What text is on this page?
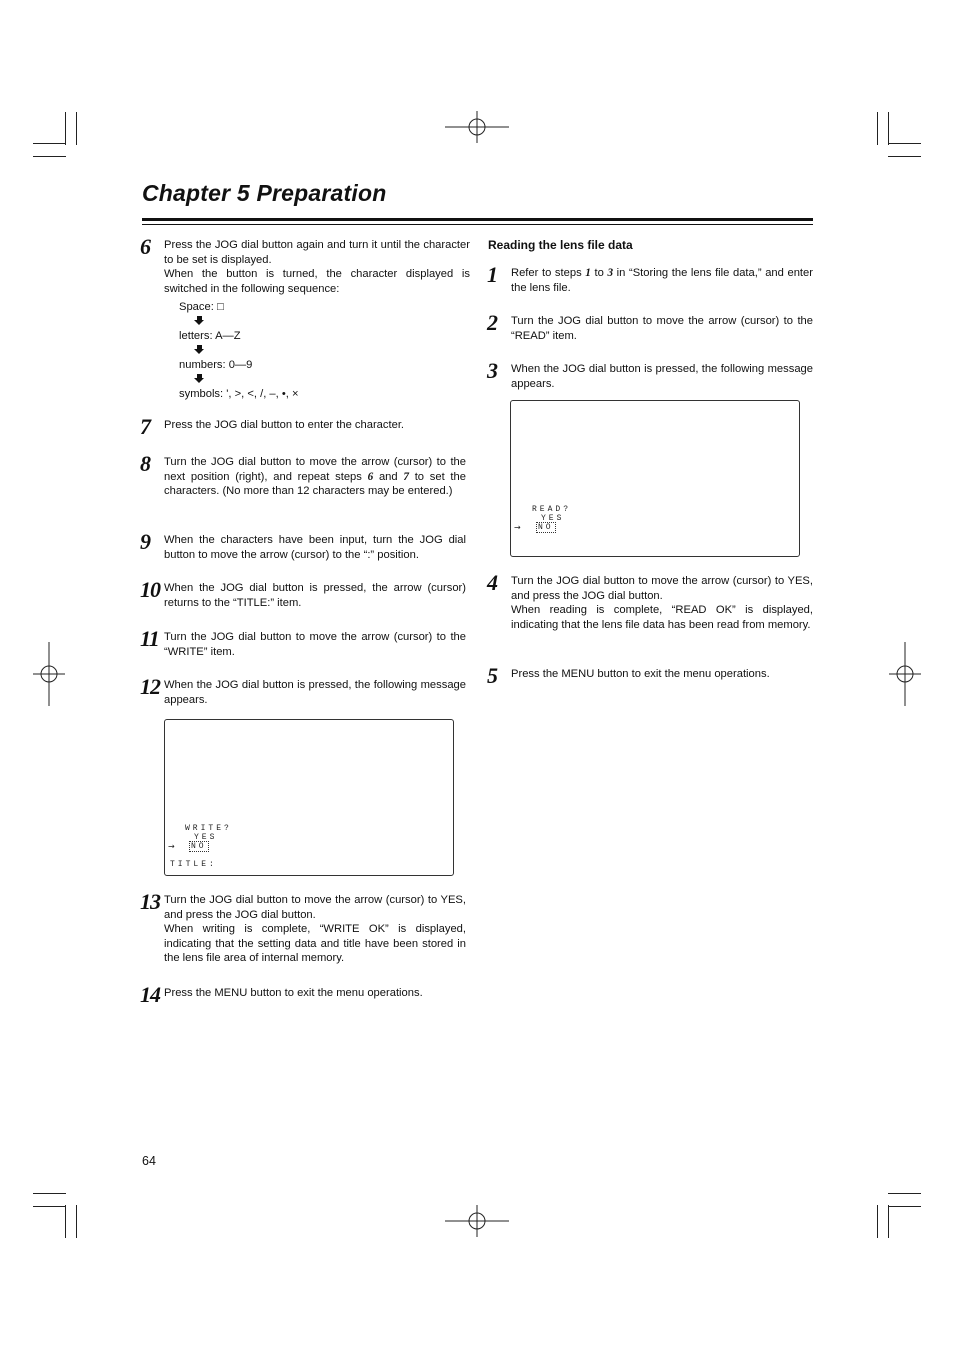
Chapter 5 Preparation
6 Press the JOG dial button again and turn it until the character to be set is displayed.

When the button is turned, the character displayed is switched in the following sequence:

Space: □
letters: A—Z
numbers: 0—9
symbols: ', >, <, /, –, •, ×
7 Press the JOG dial button to enter the character.

8 Turn the JOG dial button to move the arrow (cursor) to the next position (right), and repeat steps 6 and 7 to set the characters. (No more than 12 characters may be entered.)

9 When the characters have been input, turn the JOG dial button to move the arrow (cursor) to the “:” position.

10 When the JOG dial button is pressed, the arrow (cursor) returns to the “TITLE:” item.

11 Turn the JOG dial button to move the arrow (cursor) to the “WRITE” item.

12 When the JOG dial button is pressed, the following message appears.

13 Turn the JOG dial button to move the arrow (cursor) to YES, and press the JOG dial button.

When writing is complete, “WRITE OK” is displayed, indicating that the setting data and title have been stored in the lens file area of internal memory.

14 Press the MENU button to exit the menu operations.

WRITE?
YES
→ NO
TITLE:

Reading the lens file data

1 Refer to steps 1 to 3 in “Storing the lens file data,” and enter the lens file.

2 Turn the JOG dial button to move the arrow (cursor) to the “READ” item.

3 When the JOG dial button is pressed, the following message appears.

4 Turn the JOG dial button to move the arrow (cursor) to YES, and press the JOG dial button.

When reading is complete, “READ OK” is displayed, indicating that the lens file data has been read from memory.

5 Press the MENU button to exit the menu operations.

READ?
YES
→ NO
64
